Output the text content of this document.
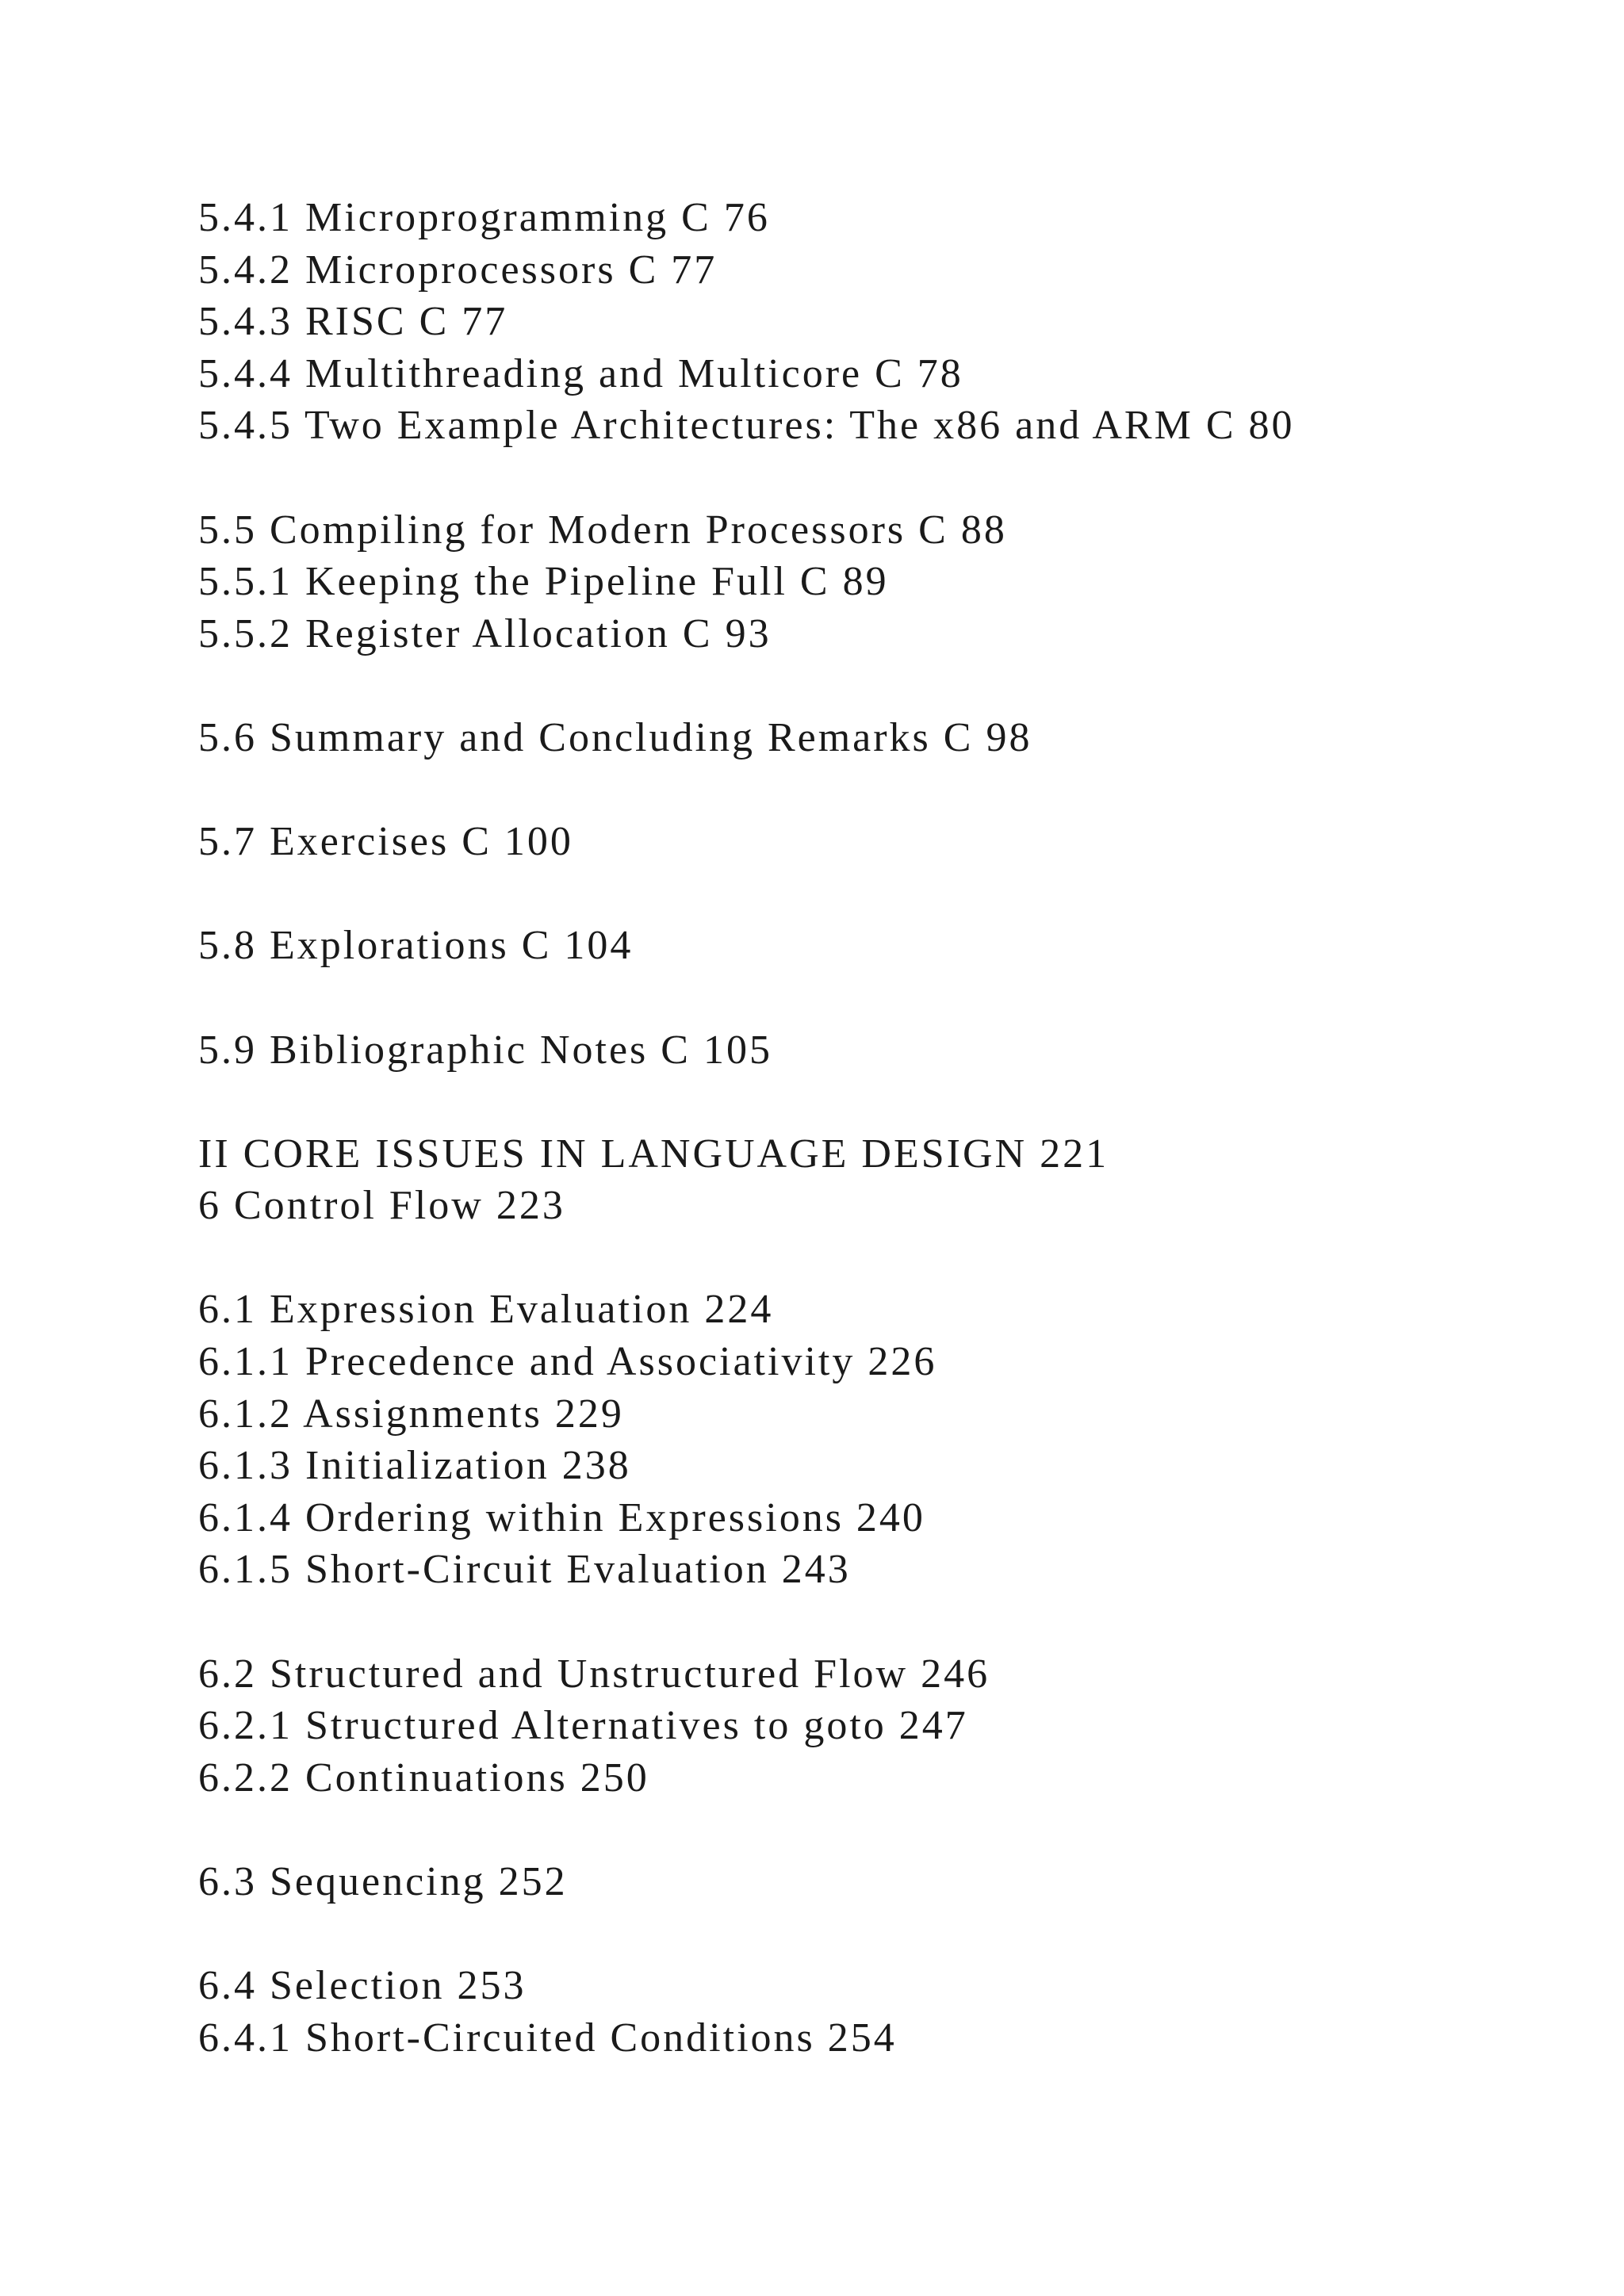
5.4.1 Microprogramming C 76
5.4.2 Microprocessors C 77
5.4.3 RISC C 77
5.4.4 Multithreading and Multicore C 78
5.4.5 Two Example Architectures: The x86 and ARM C 80
5.5 Compiling for Modern Processors C 88
5.5.1 Keeping the Pipeline Full C 89
5.5.2 Register Allocation C 93
5.6 Summary and Concluding Remarks C 98
5.7 Exercises C 100
5.8 Explorations C 104
5.9 Bibliographic Notes C 105
II CORE ISSUES IN LANGUAGE DESIGN 221
6 Control Flow 223
6.1 Expression Evaluation 224
6.1.1 Precedence and Associativity 226
6.1.2 Assignments 229
6.1.3 Initialization 238
6.1.4 Ordering within Expressions 240
6.1.5 Short-Circuit Evaluation 243
6.2 Structured and Unstructured Flow 246
6.2.1 Structured Alternatives to goto 247
6.2.2 Continuations 250
6.3 Sequencing 252
6.4 Selection 253
6.4.1 Short-Circuited Conditions 254
